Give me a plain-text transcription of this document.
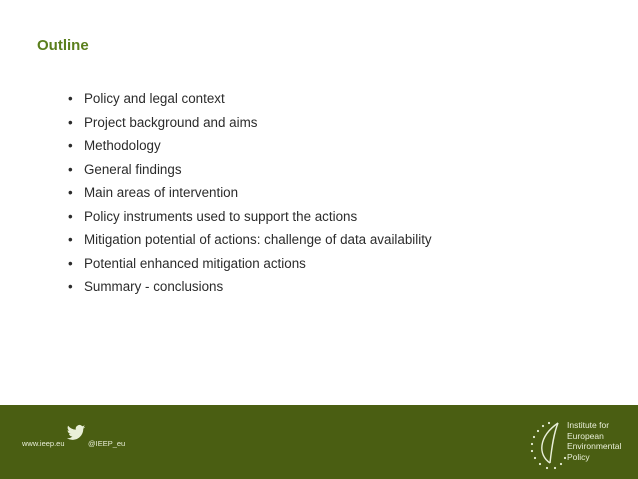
Outline
• Policy and legal context
• Project background and aims
• Methodology
• General findings
• Main areas of intervention
• Policy instruments used to support the actions
• Mitigation potential of actions: challenge of data availability
• Potential enhanced mitigation actions
• Summary - conclusions
www.ieep.eu	@IEEP_eu
Institute for
European
Environmental
Policy
